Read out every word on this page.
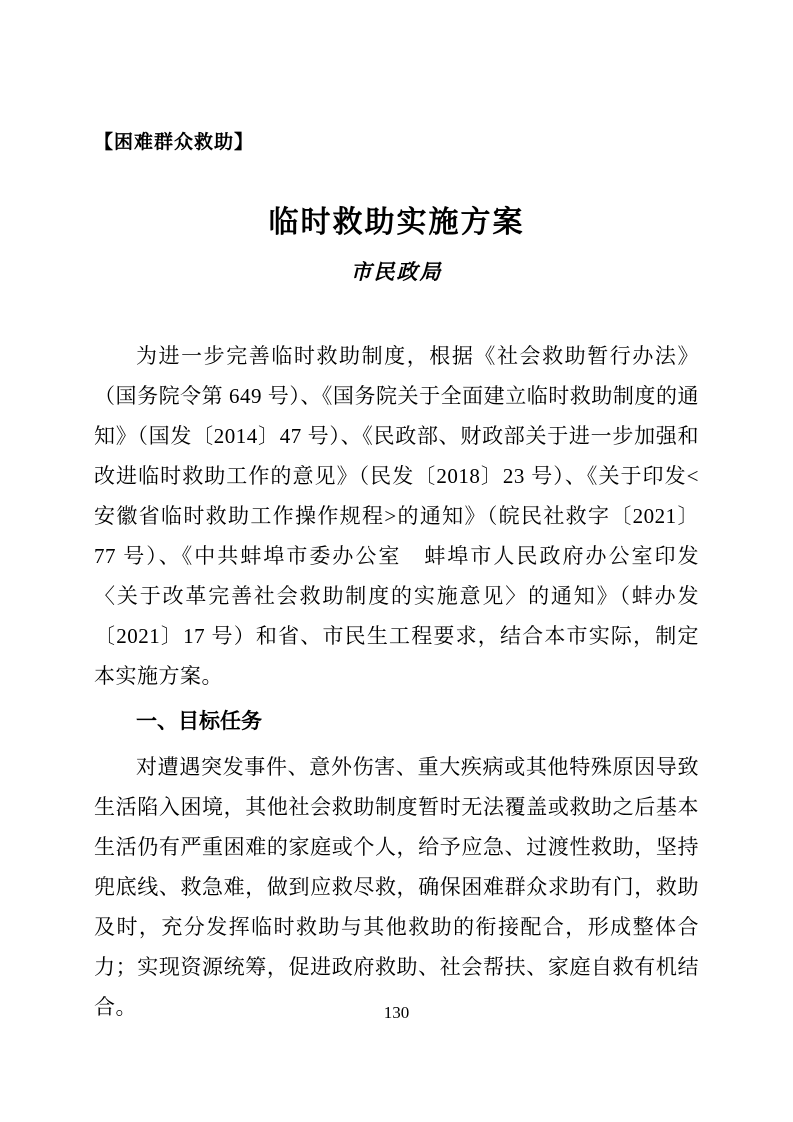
【困难群众救助】
临时救助实施方案
市民政局

为进一步完善临时救助制度，根据《社会救助暂行办法》（国务院令第 649 号）、《国务院关于全面建立临时救助制度的通知》（国发〔2014〕47 号）、《民政部、财政部关于进一步加强和改进临时救助工作的意见》（民发〔2018〕23 号）、《关于印发<安徽省临时救助工作操作规程>的通知》（皖民社救字〔2021〕77 号）、《中共蚌埠市委办公室　蚌埠市人民政府办公室印发〈关于改革完善社会救助制度的实施意见〉的通知》（蚌办发〔2021〕17 号）和省、市民生工程要求，结合本市实际，制定本实施方案。

一、目标任务

对遭遇突发事件、意外伤害、重大疾病或其他特殊原因导致生活陷入困境，其他社会救助制度暂时无法覆盖或救助之后基本生活仍有严重困难的家庭或个人，给予应急、过渡性救助，坚持兜底线、救急难，做到应救尽救，确保困难群众求助有门，救助及时，充分发挥临时救助与其他救助的衔接配合，形成整体合力；实现资源统筹，促进政府救助、社会帮扶、家庭自救有机结合。	130
